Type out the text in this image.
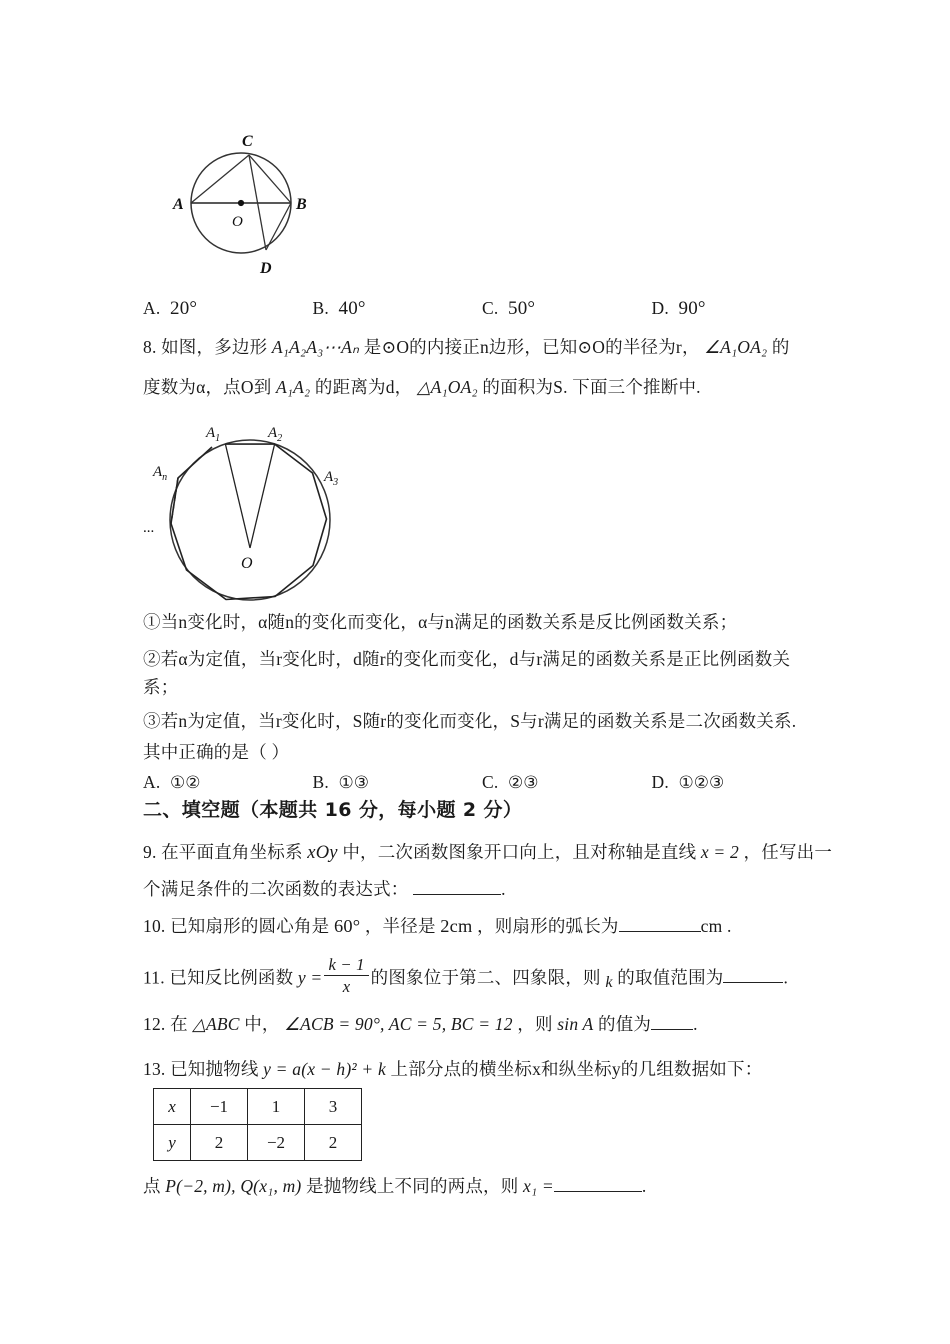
A	B
C
D
O
A. 20°	B. 40°	C. 50°	D. 90°
8. 如图，多边形 A₁A₂A₃⋯Aₙ 是⊙O的内接正n边形，已知⊙O的半径为r， ∠A₁OA₂ 的
度数为α，点O到 A₁A₂ 的距离为d， △A₁OA₂ 的面积为S. 下面三个推断中.
$A_1$	$A_2$
$A_3$
$A_n$
...
O
①当n变化时，α随n的变化而变化，α与n满足的函数关系是反比例函数关系；
②若α为定值，当r变化时，d随r的变化而变化，d与r满足的函数关系是正比例函数关系；
③若n为定值，当r变化时，S随r的变化而变化，S与r满足的函数关系是二次函数关系.
其中正确的是（ ）
A. ①②	B. ①③	C. ②③	D. ①②③
二、填空题（本题共 16 分，每小题 2 分）
9. 在平面直角坐标系 xOy 中，二次函数图象开口向上，且对称轴是直线 x = 2 ，任写出一
个满足条件的二次函数的表达式：	.
10. 已知扇形的圆心角是 60° ，半径是 2cm ，则扇形的弧长为	cm .
11. 已知反比例函数 $y = \frac{k - 1}{x}$ 的图象位于第二、四象限，则 k 的取值范围为	.
12. 在 △ABC 中， ∠ACB = 90°, AC = 5, BC = 12 ，则 sin A 的值为 .
13. 已知抛物线 y = a(x − h)² + k 上部分点的横坐标x和纵坐标y的几组数据如下：
x	−1	1	3
y	2	−2	2
点 P(−2, m), Q(x₁, m) 是抛物线上不同的两点，则 x₁ =	.
